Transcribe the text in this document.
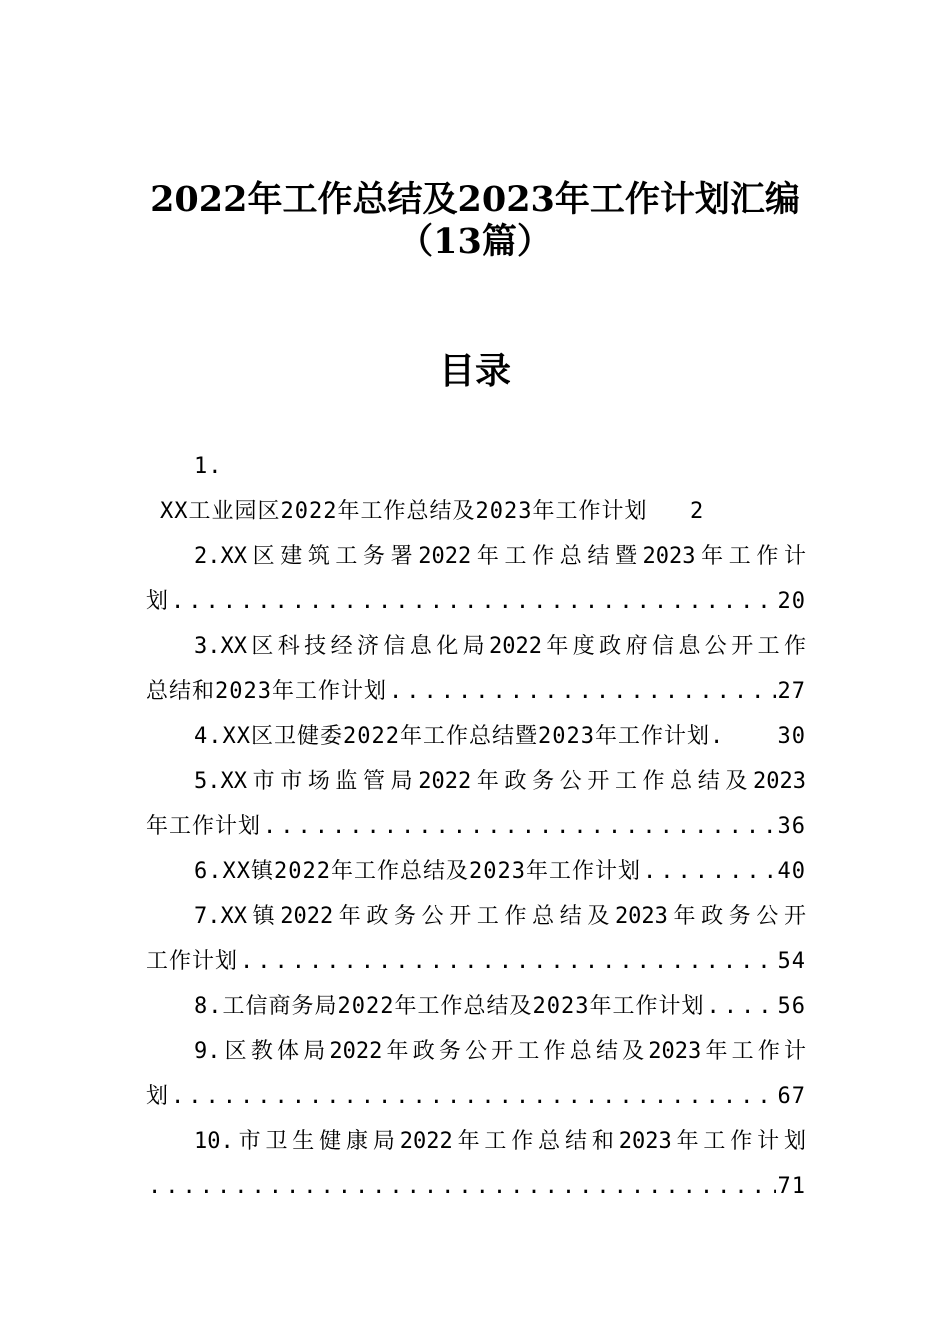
2022年工作总结及2023年工作计划汇编
（13篇）
目录
1.
XX工业园区2022年工作总结及2023年工作计划 2
2.XX区建筑工务署2022年工作总结暨2023年工作计
划 .....	20
3.XX区科技经济信息化局2022年度政府信息公开工作
总结和2023年工作计划 .....	27
4.XX区卫健委2022年工作总结暨2023年工作计划. 30
5.XX市市场监管局2022年政务公开工作总结及2023
年工作计划 .....	36
6.XX镇2022年工作总结及2023年工作计划 .....	40
7.XX镇2022年政务公开工作总结及2023年政务公开
工作计划 .....	54
8.工信商务局2022年工作总结及2023年工作计划 .....	56
9.区教体局2022年政务公开工作总结及2023年工作计
划 .....	67
10.市卫生健康局2022年工作总结和2023年工作计划
.....
71
